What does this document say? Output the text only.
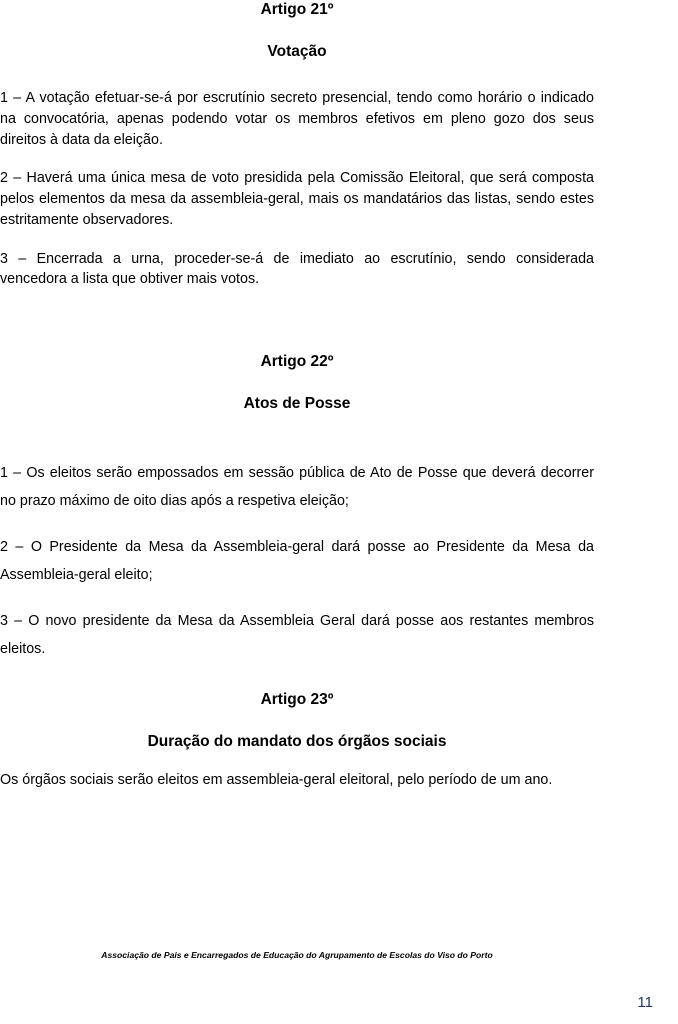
Artigo 21º
Votação

1 – A votação efetuar-se-á por escrutínio secreto presencial, tendo como horário o indicado na convocatória, apenas podendo votar os membros efetivos em pleno gozo dos seus direitos à data da eleição.

2 – Haverá uma única mesa de voto presidida pela Comissão Eleitoral, que será composta pelos elementos da mesa da assembleia-geral, mais os mandatários das listas, sendo estes estritamente observadores.

3 – Encerrada a urna, proceder-se-á de imediato ao escrutínio, sendo considerada vencedora a lista que obtiver mais votos.

Artigo 22º
Atos de Posse

1 – Os eleitos serão empossados em sessão pública de Ato de Posse que deverá decorrer no prazo máximo de oito dias após a respetiva eleição;

2 – O Presidente da Mesa da Assembleia-geral dará posse ao Presidente da Mesa da Assembleia-geral eleito;

3 – O novo presidente da Mesa da Assembleia Geral dará posse aos restantes membros eleitos.

Artigo 23º
Duração do mandato dos órgãos sociais

Os órgãos sociais serão eleitos em assembleia-geral eleitoral, pelo período de um ano.

Associação de Pais e Encarregados de Educação do Agrupamento de Escolas do Viso do Porto
11
